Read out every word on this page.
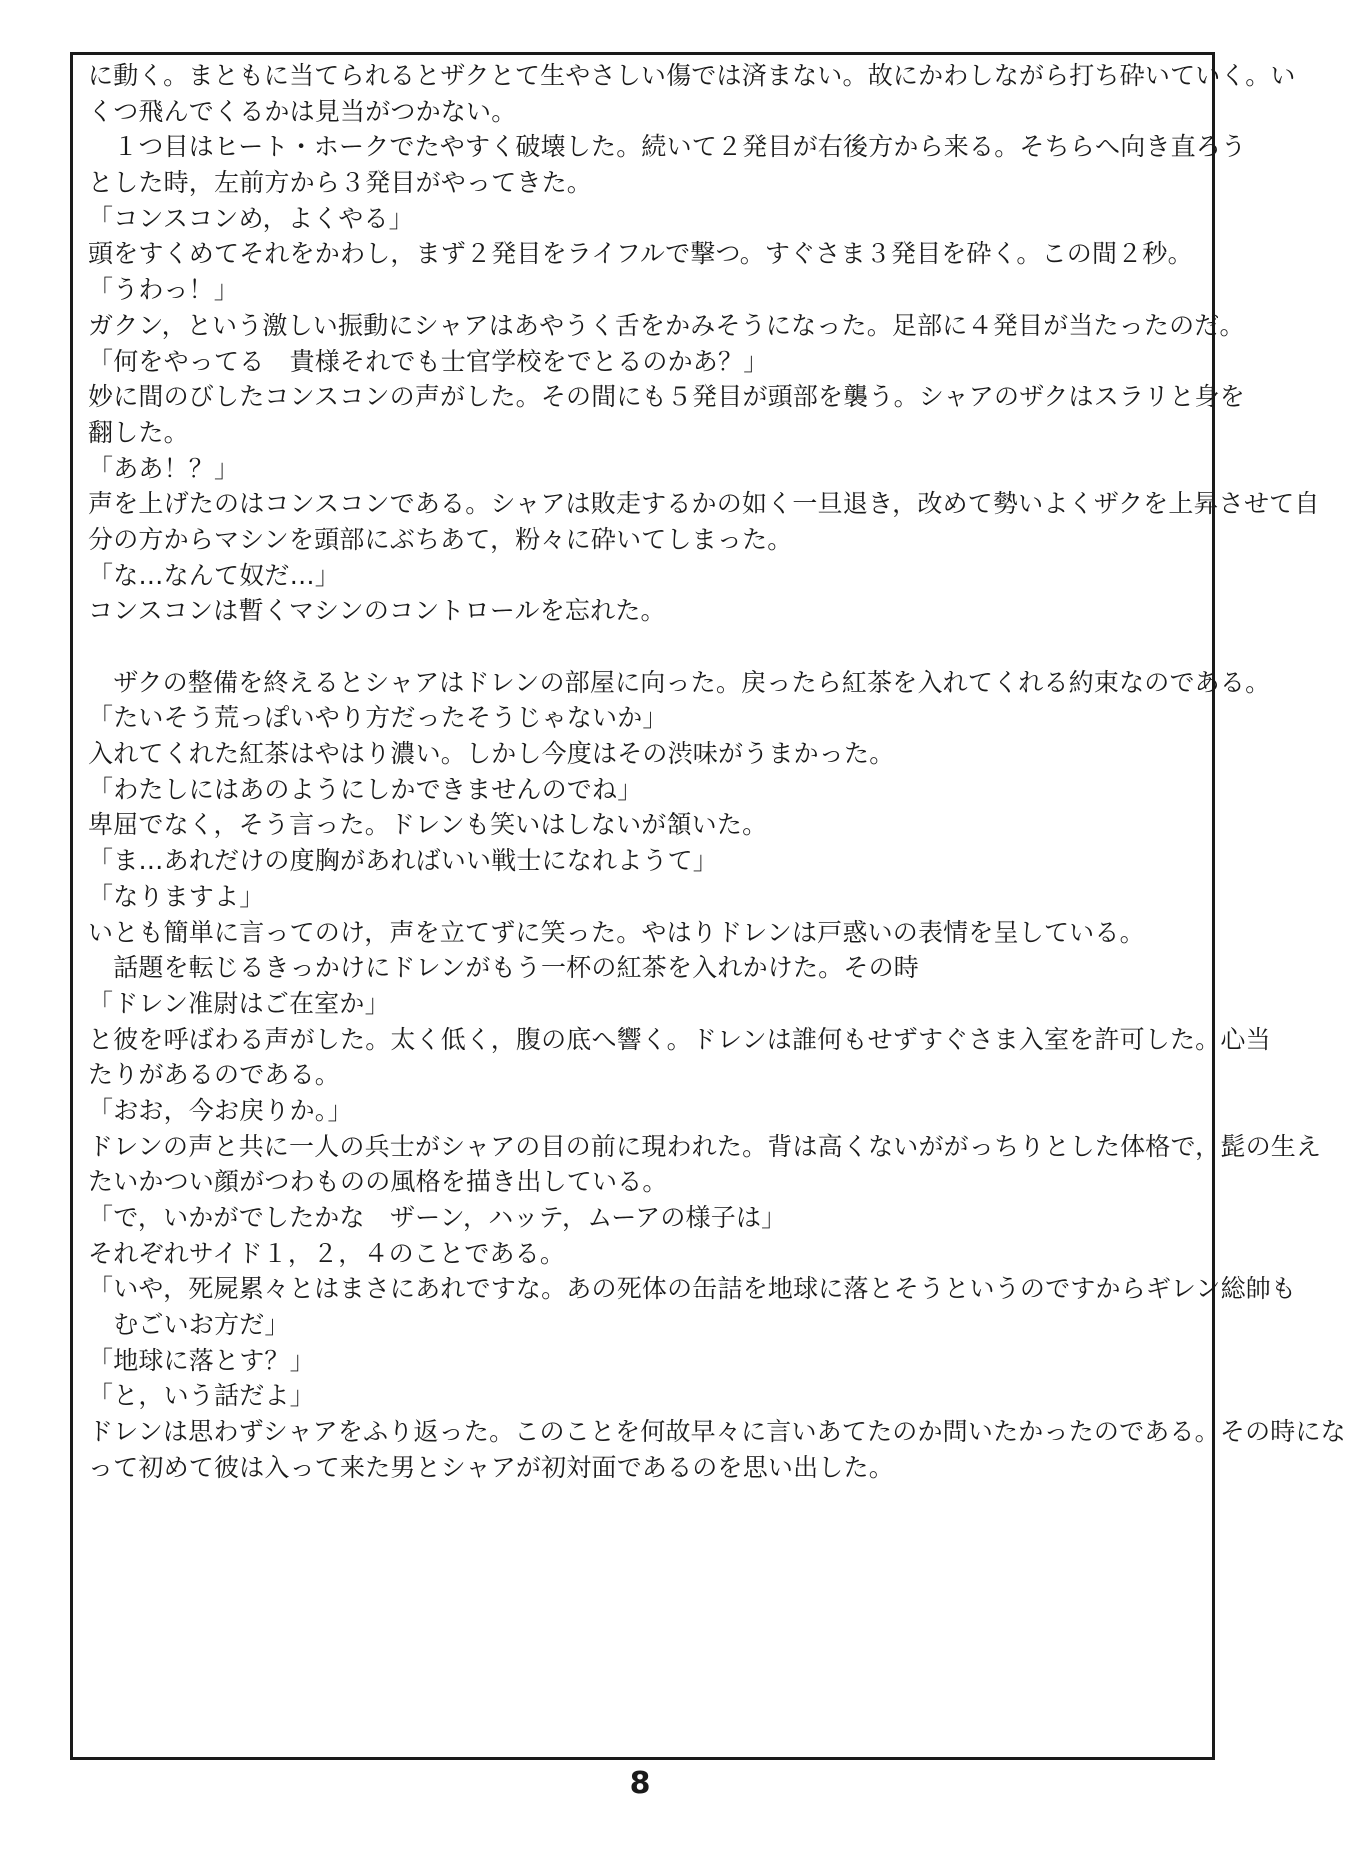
に動く。まともに当てられるとザクとて生やさしい傷では済まない。故にかわしながら打ち砕いていく。い
くつ飛んでくるかは見当がつかない。
　１つ目はヒート・ホークでたやすく破壊した。続いて２発目が右後方から来る。そちらへ向き直ろう
とした時，左前方から３発目がやってきた。
「コンスコンめ，よくやる」
頭をすくめてそれをかわし，まず２発目をライフルで撃つ。すぐさま３発目を砕く。この間２秒。
「うわっ！」
ガクン，という激しい振動にシャアはあやうく舌をかみそうになった。足部に４発目が当たったのだ。
「何をやってる　貴様それでも士官学校をでとるのかあ？」
妙に間のびしたコンスコンの声がした。その間にも５発目が頭部を襲う。シャアのザクはスラリと身を
翻した。
「ああ！？」
声を上げたのはコンスコンである。シャアは敗走するかの如く一旦退き，改めて勢いよくザクを上昇させて自
分の方からマシンを頭部にぶちあて，粉々に砕いてしまった。
「な…なんて奴だ…」
コンスコンは暫くマシンのコントロールを忘れた。
　ザクの整備を終えるとシャアはドレンの部屋に向った。戻ったら紅茶を入れてくれる約束なのである。
「たいそう荒っぽいやり方だったそうじゃないか」
入れてくれた紅茶はやはり濃い。しかし今度はその渋味がうまかった。
「わたしにはあのようにしかできませんのでね」
卑屈でなく，そう言った。ドレンも笑いはしないが頷いた。
「ま…あれだけの度胸があればいい戦士になれようて」
「なりますよ」
いとも簡単に言ってのけ，声を立てずに笑った。やはりドレンは戸惑いの表情を呈している。
　話題を転じるきっかけにドレンがもう一杯の紅茶を入れかけた。その時
「ドレン准尉はご在室か」
と彼を呼ばわる声がした。太く低く，腹の底へ響く。ドレンは誰何もせずすぐさま入室を許可した。心当
たりがあるのである。
「おお，今お戻りか。」
ドレンの声と共に一人の兵士がシャアの目の前に現われた。背は高くないががっちりとした体格で，髭の生え
たいかつい顔がつわものの風格を描き出している。
「で，いかがでしたかな　ザーン，ハッテ，ムーアの様子は」
それぞれサイド１，２，４のことである。
「いや，死屍累々とはまさにあれですな。あの死体の缶詰を地球に落とそうというのですからギレン総帥も
　むごいお方だ」
「地球に落とす？」
「と，いう話だよ」
ドレンは思わずシャアをふり返った。このことを何故早々に言いあてたのか問いたかったのである。その時にな
って初めて彼は入って来た男とシャアが初対面であるのを思い出した。
8
